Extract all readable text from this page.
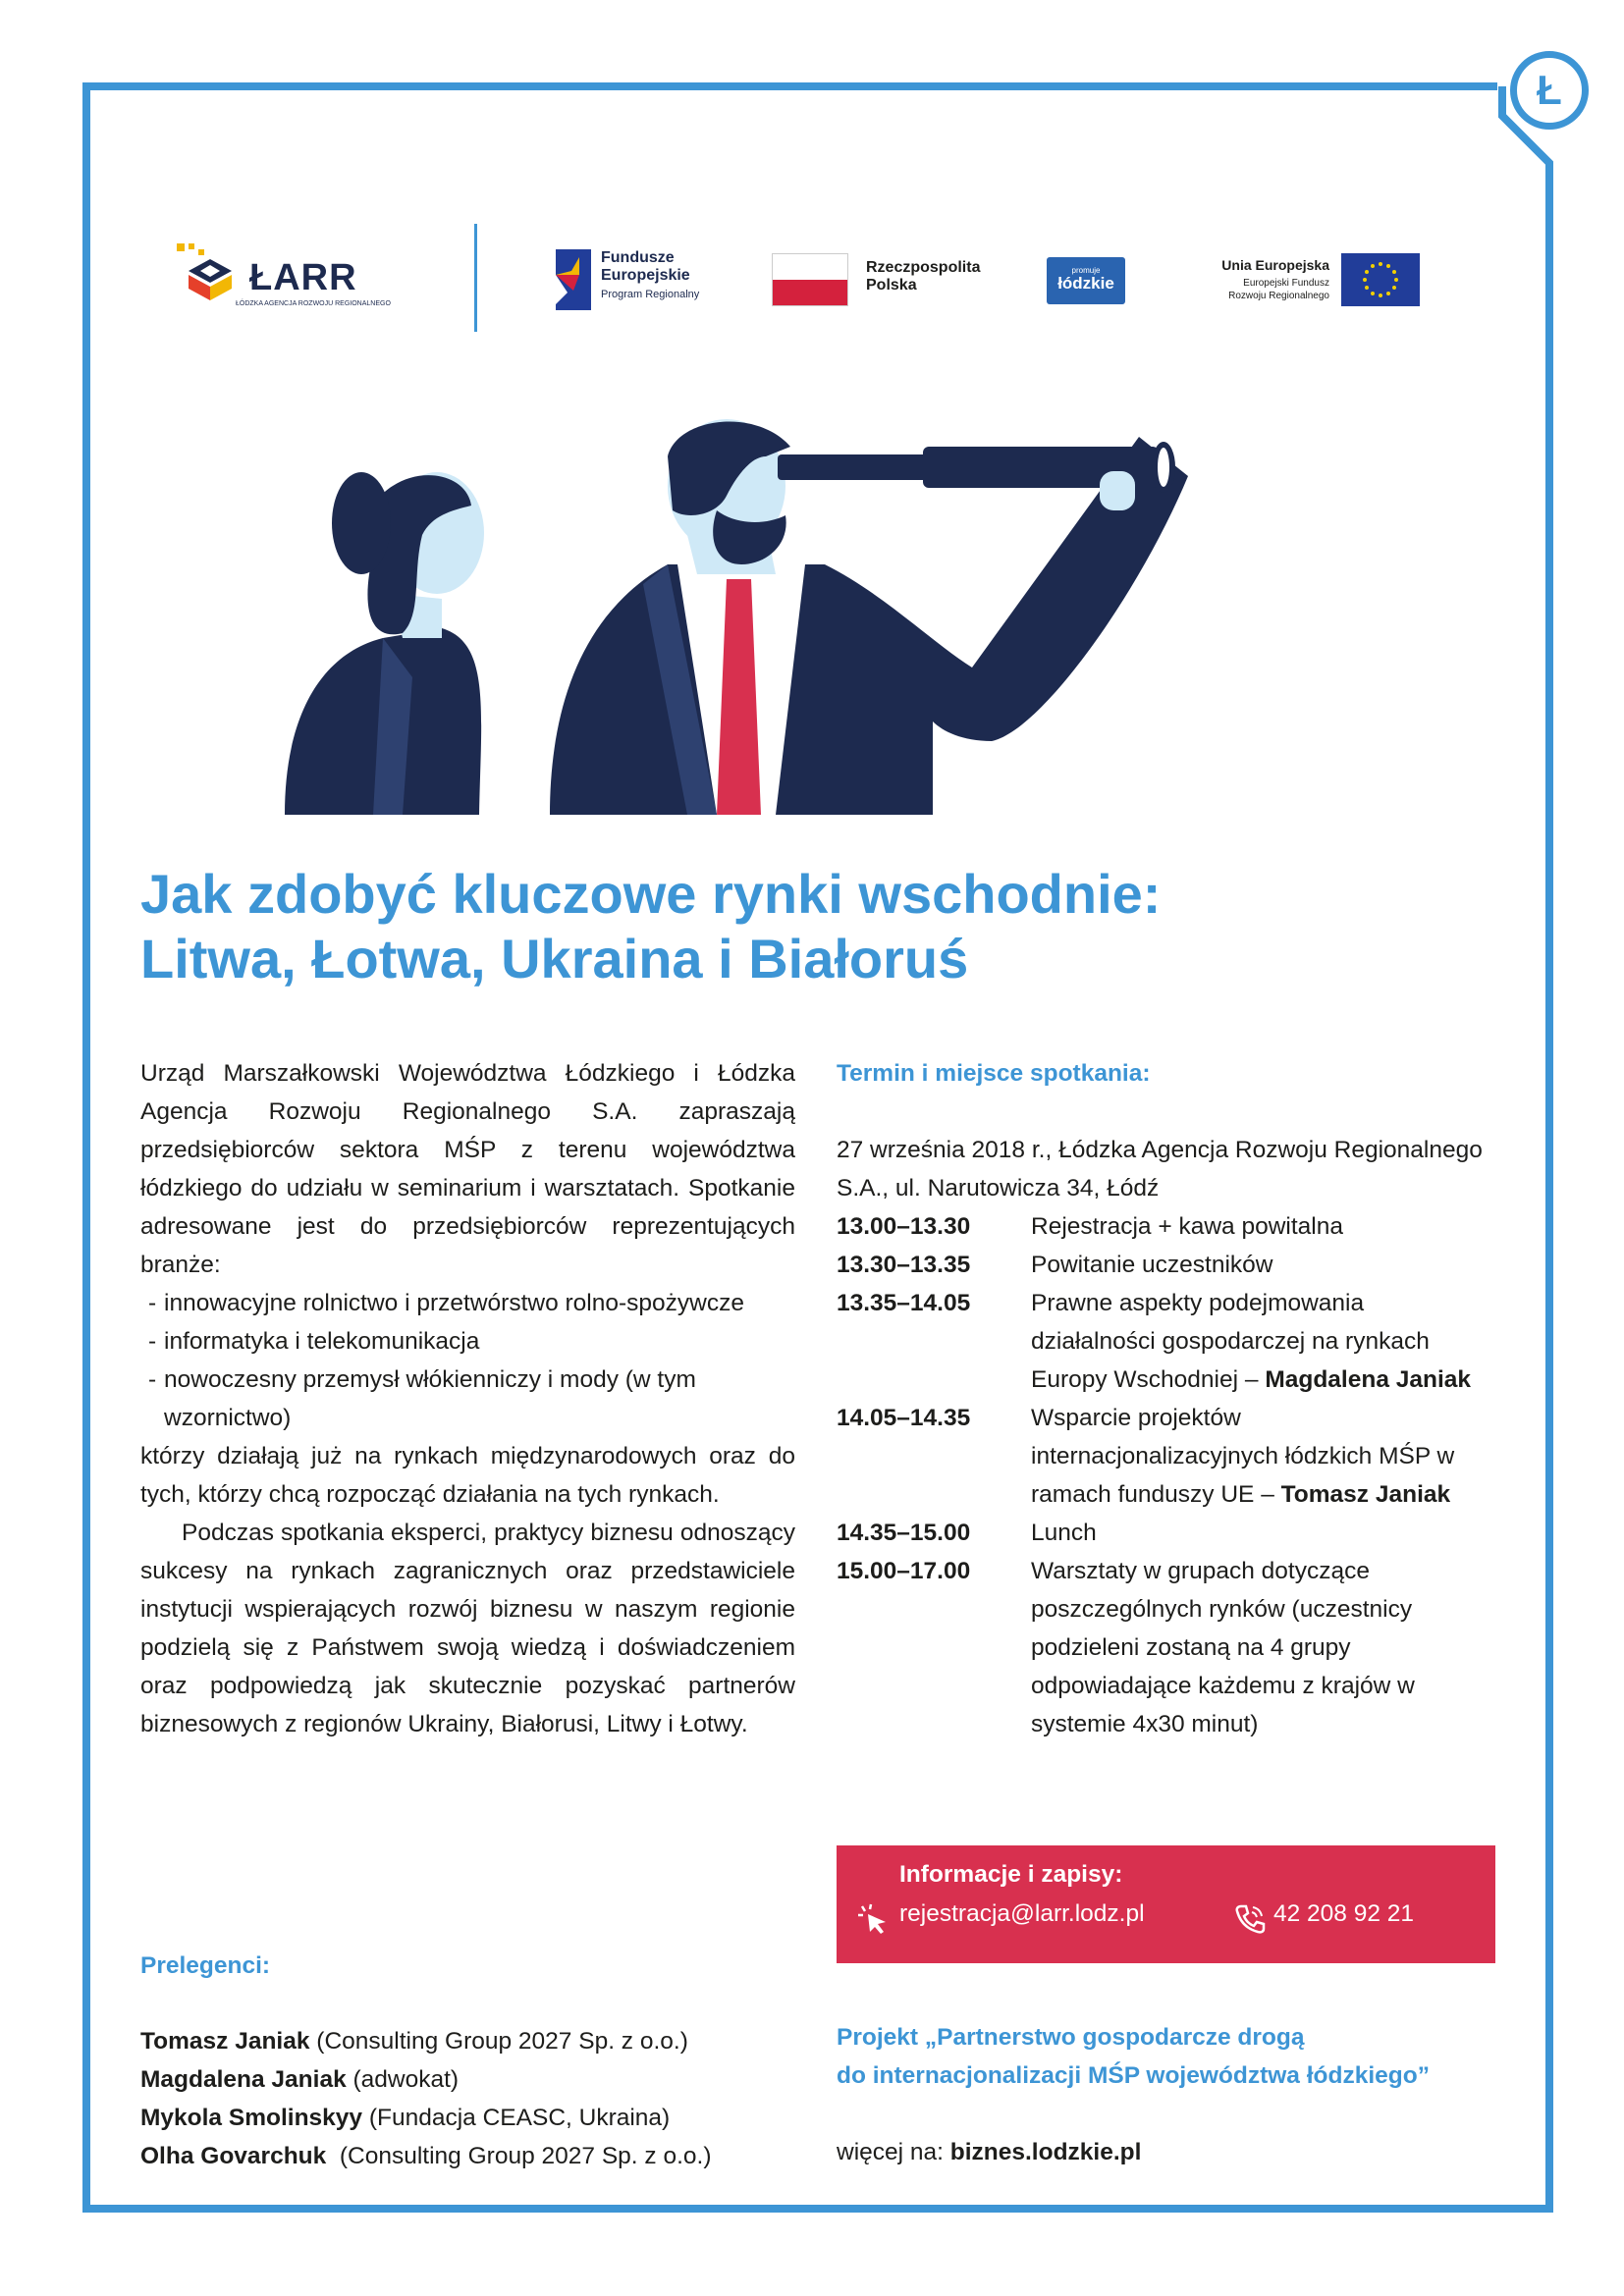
Ł
ŁARR
ŁÓDZKA AGENCJA ROZWOJU REGIONALNEGO
Fundusze
Europejskie
Program Regionalny
Rzeczpospolita
Polska
promuje
łódzkie
Unia Europejska
Europejski Fundusz
Rozwoju Regionalnego
Jak zdobyć kluczowe rynki wschodnie:
Litwa, Łotwa, Ukraina i Białoruś

Urząd Marszałkowski Województwa Łódzkiego i Łódzka Agencja Rozwoju Regionalnego S.A. zapraszają przedsiębiorców sektora MŚP z terenu województwa łódzkiego do udziału w seminarium i warsztatach. Spotkanie adresowane jest do przedsiębiorców reprezentujących branże:

- innowacyjne rolnictwo i przetwórstwo rolno-spożywcze
- informatyka i telekomunikacja
- nowoczesny przemysł włókienniczy i mody (w tym wzornictwo)

którzy działają już na rynkach międzynarodowych oraz do tych, którzy chcą rozpocząć działania na tych rynkach.

Podczas spotkania eksperci, praktycy biznesu odnoszący sukcesy na rynkach zagranicznych oraz przedstawiciele instytucji wspierających rozwój biznesu w naszym regionie podzielą się z Państwem swoją wiedzą i doświadczeniem oraz podpowiedzą jak skutecznie pozyskać partnerów biznesowych z regionów Ukrainy, Białorusi, Litwy i Łotwy.

Termin i miejsce spotkania:
27 września 2018 r., Łódzka Agencja Rozwoju Regionalnego S.A., ul. Narutowicza 34, Łódź
13.00–13.30	Rejestracja + kawa powitalna
13.30–13.35	Powitanie uczestników
13.35–14.05	Prawne aspekty podejmowania działalności gospodarczej na rynkach Europy Wschodniej – Magdalena Janiak
14.05–14.35	Wsparcie projektów internacjonalizacyjnych łódzkich MŚP w ramach funduszy UE – Tomasz Janiak
14.35–15.00	Lunch
15.00–17.00	Warsztaty w grupach dotyczące poszczególnych rynków (uczestnicy podzieleni zostaną na 4 grupy odpowiadające każdemu z krajów w systemie 4x30 minut)
Informacje i zapisy:
rejestracja@larr.lodz.pl	42 208 92 21
Prelegenci:
Tomasz Janiak (Consulting Group 2027 Sp. z o.o.)
Magdalena Janiak (adwokat)
Mykola Smolinskyy (Fundacja CEASC, Ukraina)
Olha Govarchuk  (Consulting Group 2027 Sp. z o.o.)
Projekt „Partnerstwo gospodarcze drogą
do internacjonalizacji MŚP województwa łódzkiego”
więcej na: biznes.lodzkie.pl
